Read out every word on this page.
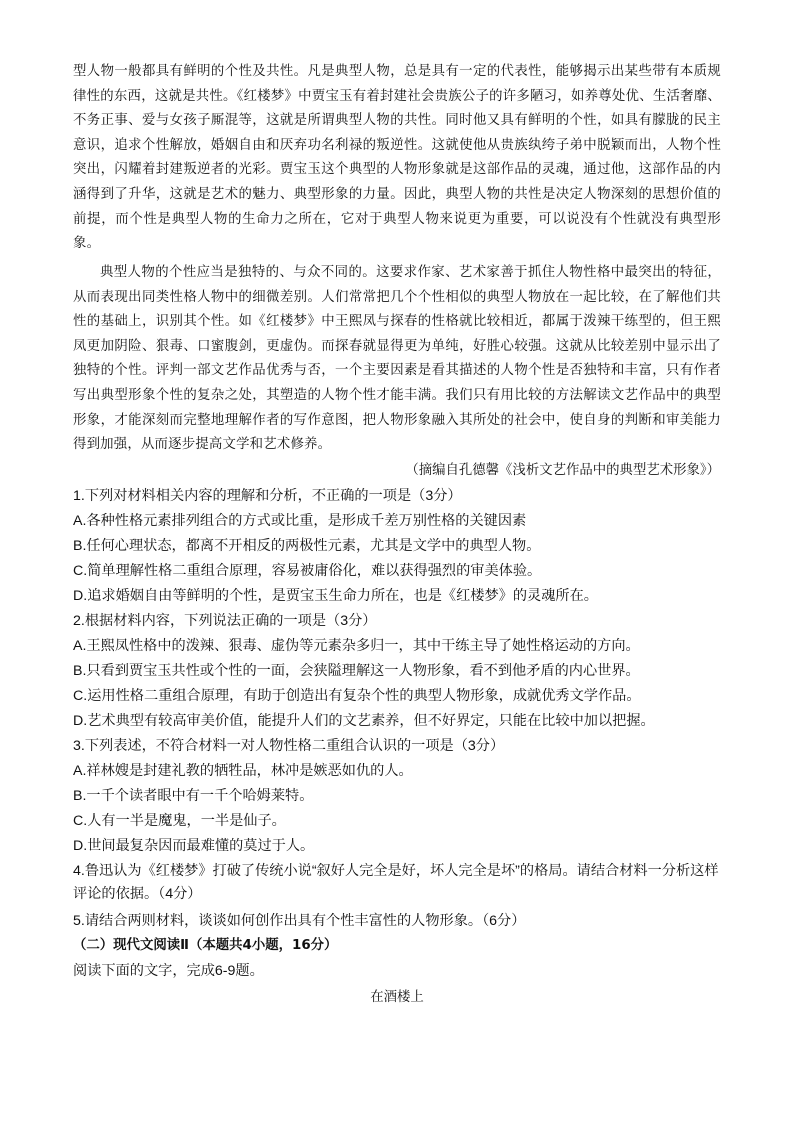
型人物一般都具有鲜明的个性及共性。凡是典型人物，总是具有一定的代表性，能够揭示出某些带有本质规律性的东西，这就是共性。《红楼梦》中贾宝玉有着封建社会贵族公子的许多陋习，如养尊处优、生活奢靡、不务正事、爱与女孩子厮混等，这就是所谓典型人物的共性。同时他又具有鲜明的个性，如具有朦胧的民主意识，追求个性解放，婚姻自由和厌弃功名利禄的叛逆性。这就使他从贵族纨绔子弟中脱颖而出，人物个性突出，闪耀着封建叛逆者的光彩。贾宝玉这个典型的人物形象就是这部作品的灵魂，通过他，这部作品的内涵得到了升华，这就是艺术的魅力、典型形象的力量。因此，典型人物的共性是决定人物深刻的思想价值的前提，而个性是典型人物的生命力之所在，它对于典型人物来说更为重要，可以说没有个性就没有典型形象。
典型人物的个性应当是独特的、与众不同的。这要求作家、艺术家善于抓住人物性格中最突出的特征，从而表现出同类性格人物中的细微差别。人们常常把几个个性相似的典型人物放在一起比较，在了解他们共性的基础上，识别其个性。如《红楼梦》中王熙凤与探春的性格就比较相近，都属于泼辣干练型的，但王熙凤更加阴险、狠毒、口蜜腹剑，更虚伪。而探春就显得更为单纯，好胜心较强。这就从比较差别中显示出了独特的个性。评判一部文艺作品优秀与否，一个主要因素是看其描述的人物个性是否独特和丰富，只有作者写出典型形象个性的复杂之处，其塑造的人物个性才能丰满。我们只有用比较的方法解读文艺作品中的典型形象，才能深刻而完整地理解作者的写作意图，把人物形象融入其所处的社会中，使自身的判断和审美能力得到加强，从而逐步提高文学和艺术修养。
（摘编自孔德馨《浅析文艺作品中的典型艺术形象》）
1.下列对材料相关内容的理解和分析，不正确的一项是（3分）
A.各种性格元素排列组合的方式或比重，是形成千差万别性格的关键因素
B.任何心理状态，都离不开相反的两极性元素，尤其是文学中的典型人物。
C.简单理解性格二重组合原理，容易被庸俗化，难以获得强烈的审美体验。
D.追求婚姻自由等鲜明的个性，是贾宝玉生命力所在，也是《红楼梦》的灵魂所在。
2.根据材料内容，下列说法正确的一项是（3分）
A.王熙凤性格中的泼辣、狠毒、虚伪等元素杂多归一，其中干练主导了她性格运动的方向。
B.只看到贾宝玉共性或个性的一面，会狭隘理解这一人物形象，看不到他矛盾的内心世界。
C.运用性格二重组合原理，有助于创造出有复杂个性的典型人物形象，成就优秀文学作品。
D.艺术典型有较高审美价值，能提升人们的文艺素养，但不好界定，只能在比较中加以把握。
3.下列表述，不符合材料一对人物性格二重组合认识的一项是（3分）
A.祥林嫂是封建礼教的牺牲品，林冲是嫉恶如仇的人。
B.一千个读者眼中有一千个哈姆莱特。
C.人有一半是魔鬼，一半是仙子。
D.世间最复杂因而最难懂的莫过于人。
4.鲁迅认为《红楼梦》打破了传统小说“叙好人完全是好，坏人完全是坏”的格局。请结合材料一分析这样评论的依据。（4分）
5.请结合两则材料，谈谈如何创作出具有个性丰富性的人物形象。（6分）
（二）现代文阅读Ⅱ（本题共4小题，16分）
阅读下面的文字，完成6-9题。
在酒楼上
